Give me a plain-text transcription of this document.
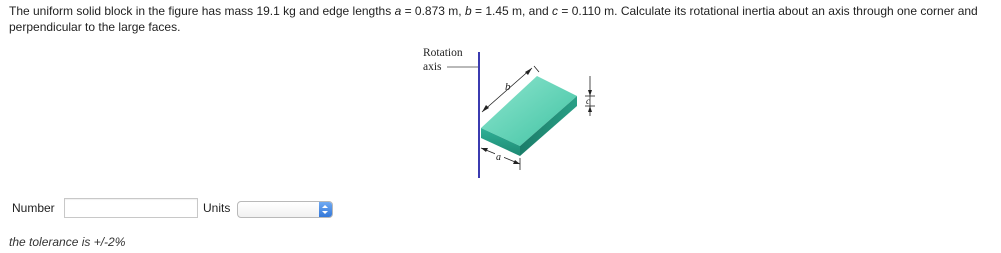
The uniform solid block in the figure has mass 19.1 kg and edge lengths a = 0.873 m, b = 1.45 m, and c = 0.110 m. Calculate its rotational inertia about an axis through one corner and perpendicular to the large faces.
Rotation
axis
b
c
a
Number	Units
the tolerance is +/-2%
